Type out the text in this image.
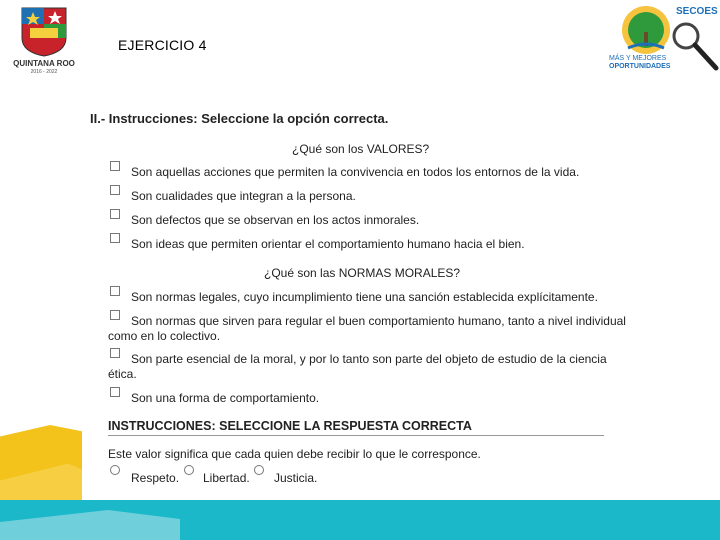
QUINTANA ROO
2016 - 2022
EJERCICIO 4
SECOES
MÁS Y MEJORES
OPORTUNIDADES
II.- Instrucciones: Seleccione la opción correcta.
¿Qué son los VALORES?
Son aquellas acciones que permiten la convivencia en todos los entornos de la vida.
Son cualidades que integran a la persona.
Son defectos que se observan en los actos inmorales.
Son ideas que permiten orientar el comportamiento humano hacia el bien.
¿Qué son las NORMAS MORALES?
Son normas legales, cuyo incumplimiento tiene una sanción establecida explícitamente.
Son normas que sirven para regular el buen comportamiento humano, tanto a nivel individual
como en lo colectivo.
Son parte esencial de la moral, y por lo tanto son parte del objeto de estudio de la ciencia
ética.
Son una forma de comportamiento.
INSTRUCCIONES: SELECCIONE LA RESPUESTA CORRECTA
Este valor significa que cada quien debe recibir lo que le corresponce.
Respeto. Libertad. Justicia.
